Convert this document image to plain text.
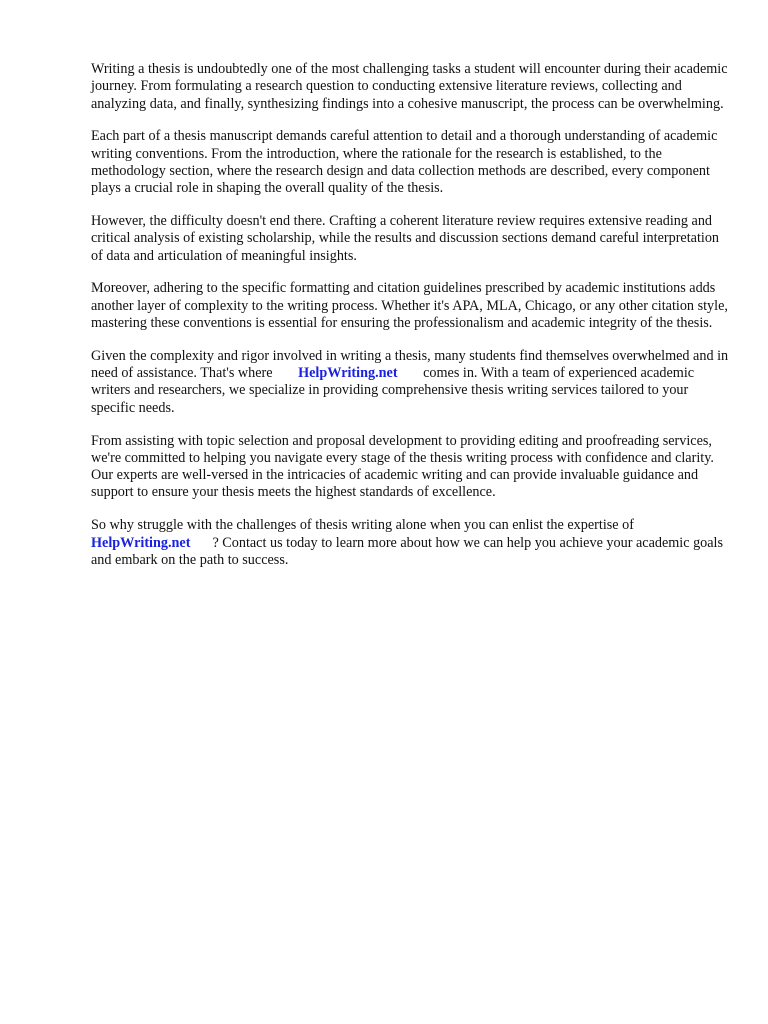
Writing a thesis is undoubtedly one of the most challenging tasks a student will encounter during their academic journey. From formulating a research question to conducting extensive literature reviews, collecting and analyzing data, and finally, synthesizing findings into a cohesive manuscript, the process can be overwhelming.

Each part of a thesis manuscript demands careful attention to detail and a thorough understanding of academic writing conventions. From the introduction, where the rationale for the research is established, to the methodology section, where the research design and data collection methods are described, every component plays a crucial role in shaping the overall quality of the thesis.

However, the difficulty doesn't end there. Crafting a coherent literature review requires extensive reading and critical analysis of existing scholarship, while the results and discussion sections demand careful interpretation of data and articulation of meaningful insights.

Moreover, adhering to the specific formatting and citation guidelines prescribed by academic institutions adds another layer of complexity to the writing process. Whether it's APA, MLA, Chicago, or any other citation style, mastering these conventions is essential for ensuring the professionalism and academic integrity of the thesis.

Given the complexity and rigor involved in writing a thesis, many students find themselves overwhelmed and in need of assistance. That's where HelpWriting.net comes in. With a team of experienced academic writers and researchers, we specialize in providing comprehensive thesis writing services tailored to your specific needs.

From assisting with topic selection and proposal development to providing editing and proofreading services, we're committed to helping you navigate every stage of the thesis writing process with confidence and clarity. Our experts are well-versed in the intricacies of academic writing and can provide invaluable guidance and support to ensure your thesis meets the highest standards of excellence.

So why struggle with the challenges of thesis writing alone when you can enlist the expertise of HelpWriting.net ? Contact us today to learn more about how we can help you achieve your academic goals and embark on the path to success.
